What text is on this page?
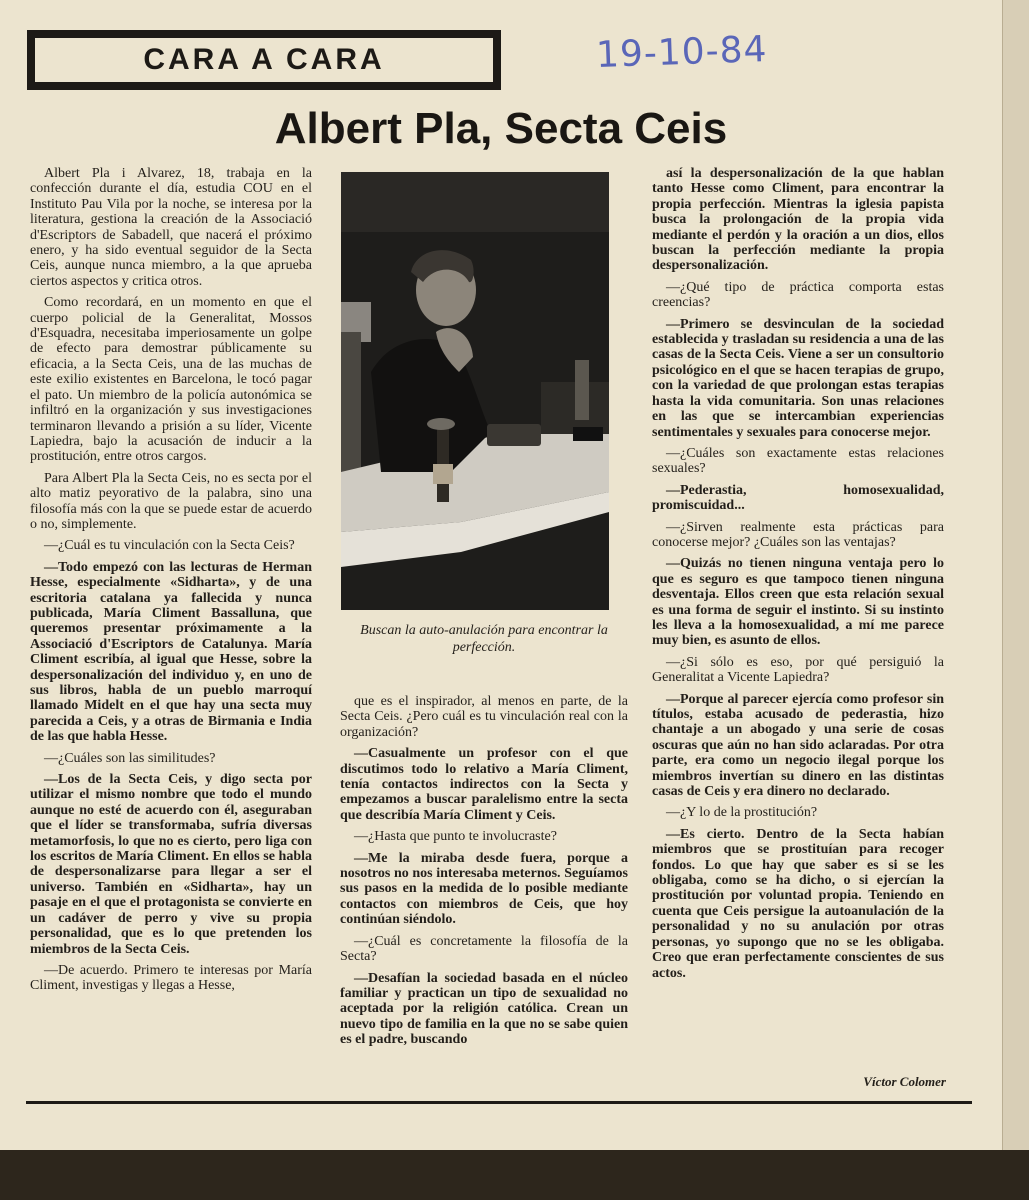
CARA A CARA	19-10-84
Albert Pla, Secta Ceis

Albert Pla i Alvarez, 18, trabaja en la confección durante el día, estudia COU en el Instituto Pau Vila por la noche, se interesa por la literatura, gestiona la creación de la Associació d'Escriptors de Sabadell, que nacerá el próximo enero, y ha sido eventual seguidor de la Secta Ceis, aunque nunca miembro, a la que aprueba ciertos aspectos y critica otros.

Como recordará, en un momento en que el cuerpo policial de la Generalitat, Mossos d'Esquadra, necesitaba imperiosamente un golpe de efecto para demostrar públicamente su eficacia, a la Secta Ceis, una de las muchas de este exilio existentes en Barcelona, le tocó pagar el pato. Un miembro de la policía autonómica se infiltró en la organización y sus investigaciones terminaron llevando a prisión a su líder, Vicente Lapiedra, bajo la acusación de inducir a la prostitución, entre otros cargos.

Para Albert Pla la Secta Ceis, no es secta por el alto matiz peyorativo de la palabra, sino una filosofía más con la que se puede estar de acuerdo o no, simplemente.

—¿Cuál es tu vinculación con la Secta Ceis?

—Todo empezó con las lecturas de Herman Hesse, especialmente «Sidharta», y de una escritoria catalana ya fallecida y nunca publicada, María Climent Bassalluna, que queremos presentar próximamente a la Associació d'Escriptors de Catalunya. María Climent escribía, al igual que Hesse, sobre la despersonalización del individuo y, en uno de sus libros, habla de un pueblo marroquí llamado Midelt en el que hay una secta muy parecida a Ceis, y a otras de Birmania e India de las que habla Hesse.

—¿Cuáles son las similitudes?

—Los de la Secta Ceis, y digo secta por utilizar el mismo nombre que todo el mundo aunque no esté de acuerdo con él, aseguraban que el líder se transformaba, sufría diversas metamorfosis, lo que no es cierto, pero liga con los escritos de María Climent. En ellos se habla de despersonalizarse para llegar a ser el universo. También en «Sidharta», hay un pasaje en el que el protagonista se convierte en un cadáver de perro y vive su propia personalidad, que es lo que pretenden los miembros de la Secta Ceis.

—De acuerdo. Primero te interesas por María Climent, investigas y llegas a Hesse,

Buscan la auto-anulación para encontrar la perfección.

que es el inspirador, al menos en parte, de la Secta Ceis. ¿Pero cuál es tu vinculación real con la organización?

—Casualmente un profesor con el que discutimos todo lo relativo a María Climent, tenía contactos indirectos con la Secta y empezamos a buscar paralelismo entre la secta que describía María Climent y Ceis.

—¿Hasta que punto te involucraste?

—Me la miraba desde fuera, porque a nosotros no nos interesaba meternos. Seguíamos sus pasos en la medida de lo posible mediante contactos con miembros de Ceis, que hoy continúan siéndolo.

—¿Cuál es concretamente la filosofía de la Secta?

—Desafían la sociedad basada en el núcleo familiar y practican un tipo de sexualidad no aceptada por la religión católica. Crean un nuevo tipo de familia en la que no se sabe quien es el padre, buscando

así la despersonalización de la que hablan tanto Hesse como Climent, para encontrar la propia perfección. Mientras la iglesia papista busca la prolongación de la propia vida mediante el perdón y la oración a un dios, ellos buscan la perfección mediante la propia despersonalización.

—¿Qué tipo de práctica comporta estas creencias?

—Primero se desvinculan de la sociedad establecida y trasladan su residencia a una de las casas de la Secta Ceis. Viene a ser un consultorio psicológico en el que se hacen terapias de grupo, con la variedad de que prolongan estas terapias hasta la vida comunitaria. Son unas relaciones en las que se intercambian experiencias sentimentales y sexuales para conocerse mejor.

—¿Cuáles son exactamente estas relaciones sexuales?

—Pederastia, homosexualidad, promiscuidad...

—¿Sirven realmente esta prácticas para conocerse mejor? ¿Cuáles son las ventajas?

—Quizás no tienen ninguna ventaja pero lo que es seguro es que tampoco tienen ninguna desventaja. Ellos creen que esta relación sexual es una forma de seguir el instinto. Si su instinto les lleva a la homosexualidad, a mí me parece muy bien, es asunto de ellos.

—¿Si sólo es eso, por qué persiguió la Generalitat a Vicente Lapiedra?

—Porque al parecer ejercía como profesor sin títulos, estaba acusado de pederastia, hizo chantaje a un abogado y una serie de cosas oscuras que aún no han sido aclaradas. Por otra parte, era como un negocio ilegal porque los miembros invertían su dinero en las distintas casas de Ceis y era dinero no declarado.

—¿Y lo de la prostitución?

—Es cierto. Dentro de la Secta habían miembros que se prostituían para recoger fondos. Lo que hay que saber es si se les obligaba, como se ha dicho, o si ejercían la prostitución por voluntad propia. Teniendo en cuenta que Ceis persigue la autoanulación de la personalidad y no su anulación por otras personas, yo supongo que no se les obligaba. Creo que eran perfectamente conscientes de sus actos.

Víctor Colomer
